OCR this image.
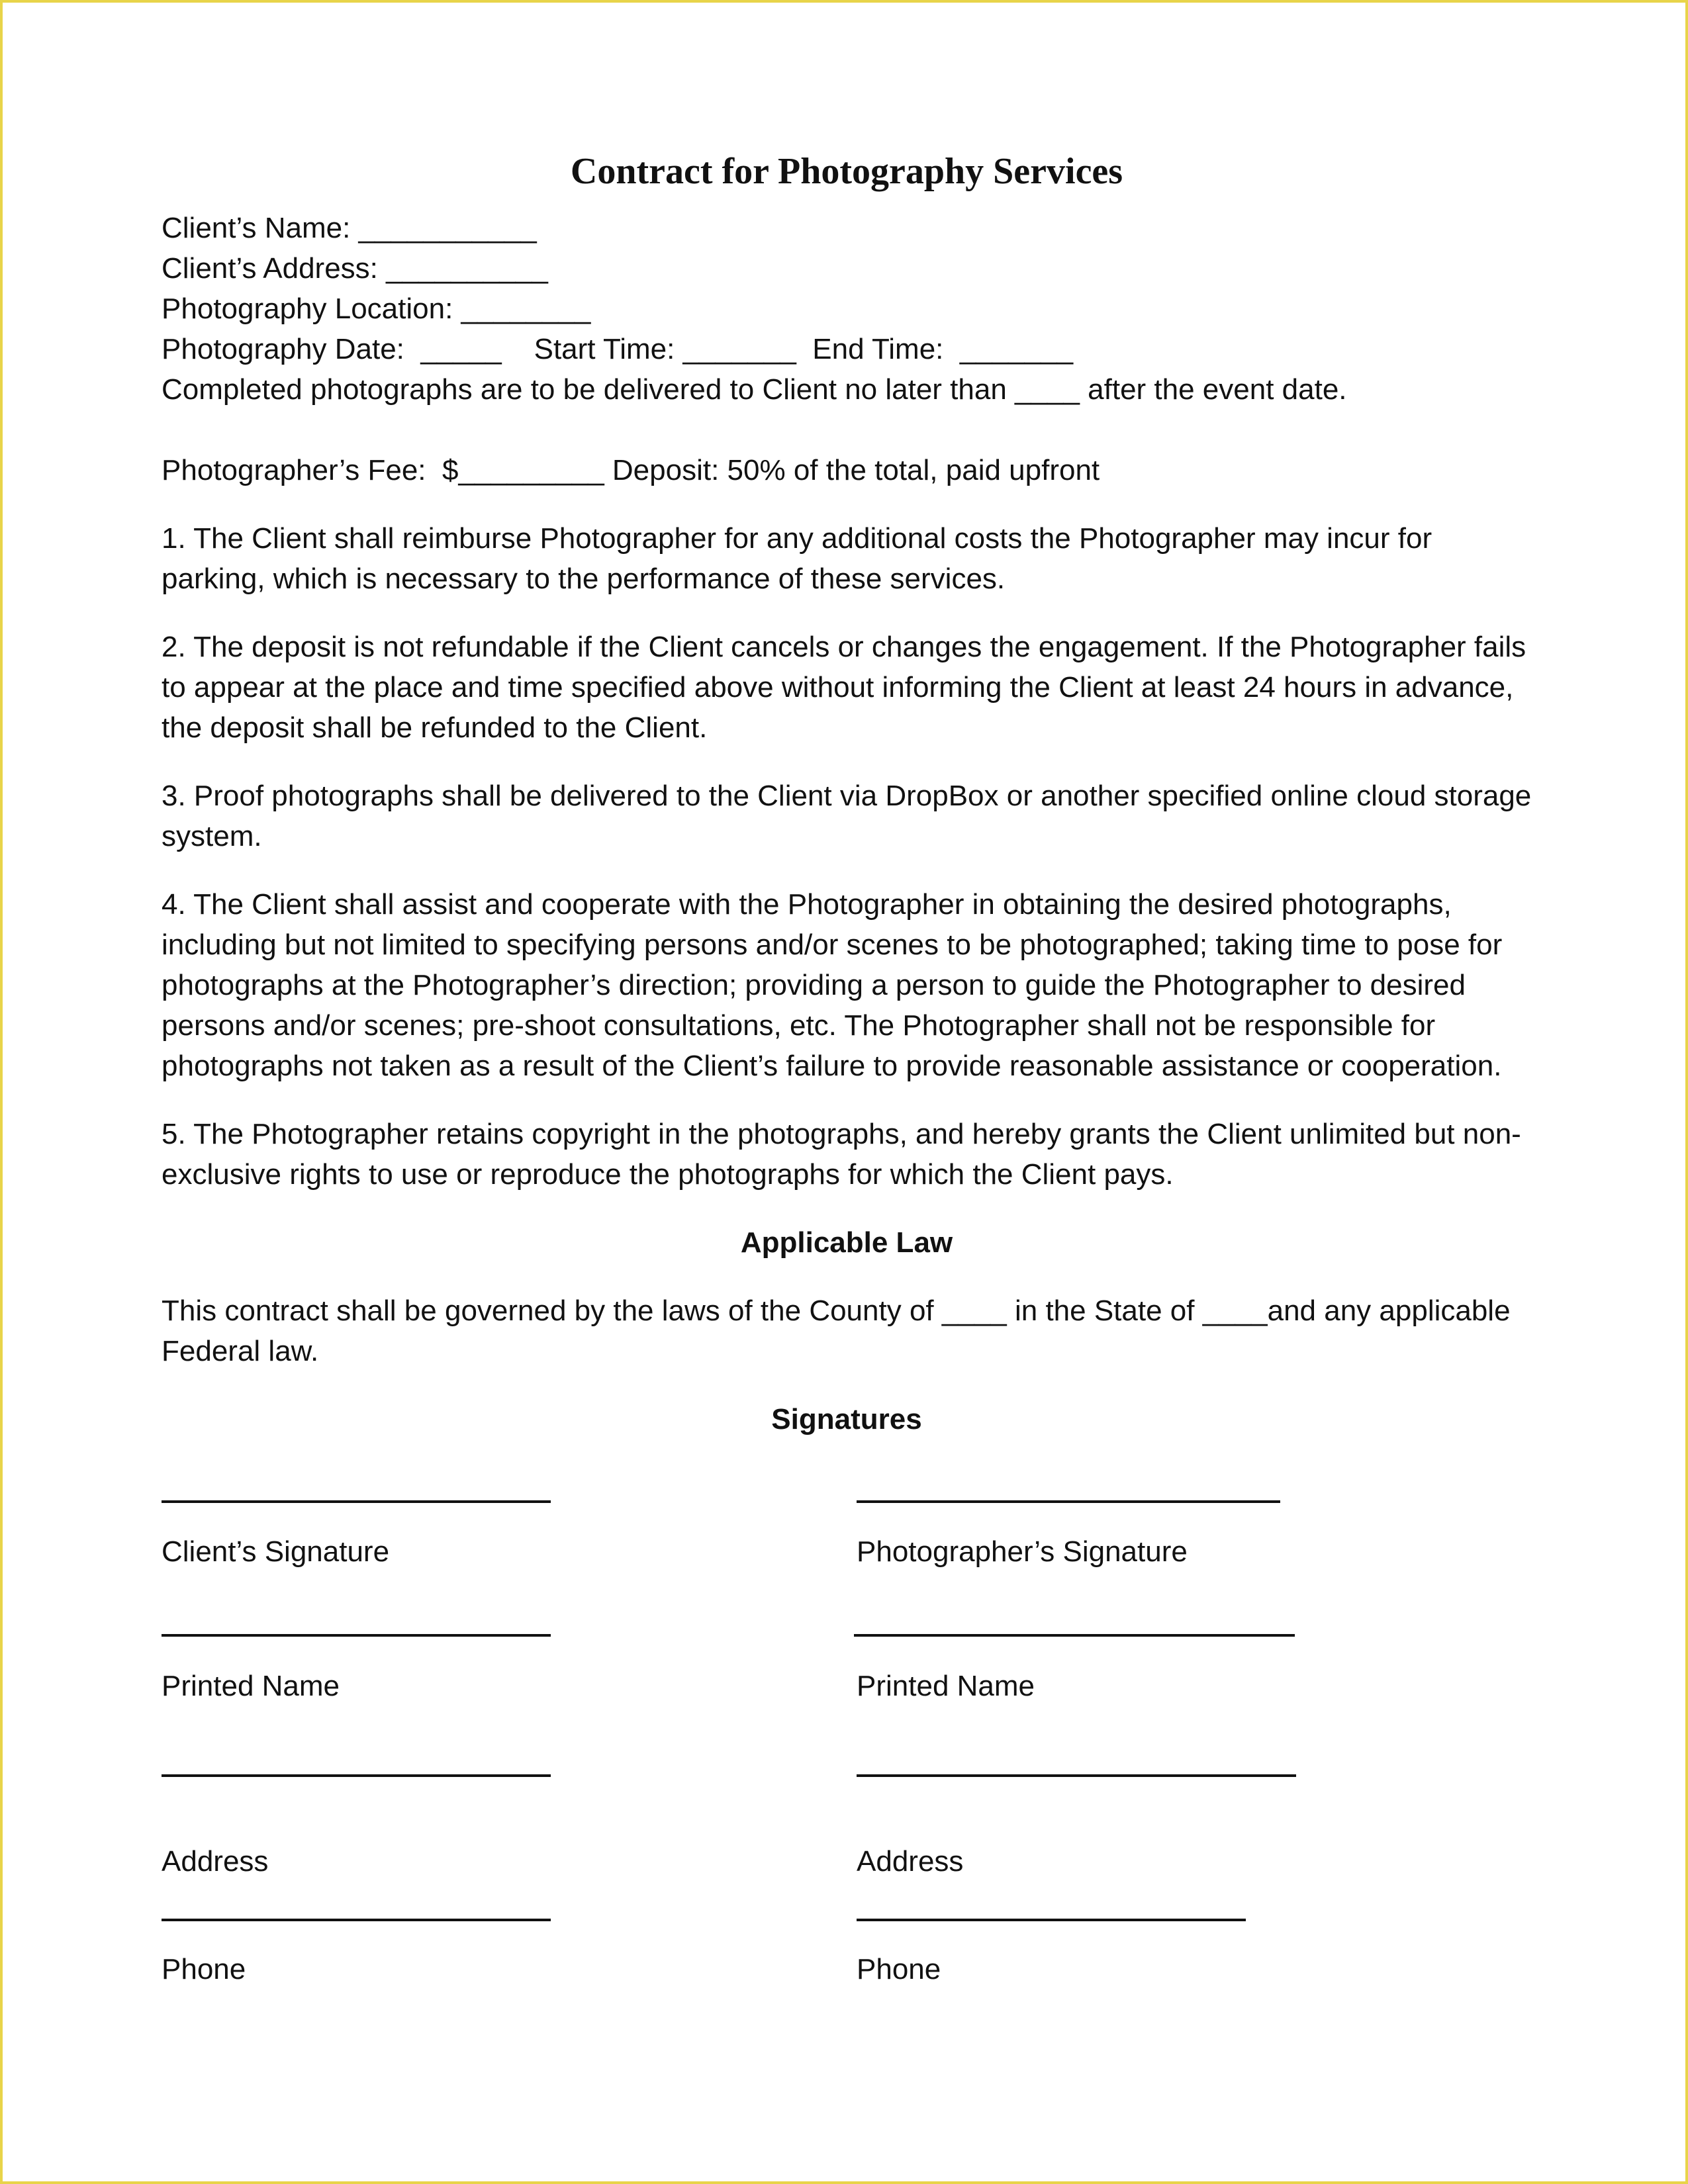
Contract for Photography Services
Client’s Name: ___________
Client’s Address: __________
Photography Location: ________
Photography Date:  _____    Start Time: _______  End Time:  _______
Completed photographs are to be delivered to Client no later than ____ after the event date.
Photographer’s Fee:  $_________ Deposit: 50% of the total, paid upfront

1. The Client shall reimburse Photographer for any additional costs the Photographer may incur for parking, which is necessary to the performance of these services.

2. The deposit is not refundable if the Client cancels or changes the engagement. If the Photographer fails to appear at the place and time specified above without informing the Client at least 24 hours in advance, the deposit shall be refunded to the Client.

3. Proof photographs shall be delivered to the Client via DropBox or another specified online cloud storage system.

4. The Client shall assist and cooperate with the Photographer in obtaining the desired photographs, including but not limited to specifying persons and/or scenes to be photographed; taking time to pose for photographs at the Photographer’s direction; providing a person to guide the Photographer to desired persons and/or scenes; pre-shoot consultations, etc. The Photographer shall not be responsible for photographs not taken as a result of the Client’s failure to provide reasonable assistance or cooperation.

5. The Photographer retains copyright in the photographs, and hereby grants the Client unlimited but non-exclusive rights to use or reproduce the photographs for which the Client pays.

Applicable Law

This contract shall be governed by the laws of the County of ____ in the State of ____and any applicable Federal law.

Signatures
Client’s Signature
Printed Name
Address
Phone
Photographer’s Signature
Printed Name
Address
Phone
